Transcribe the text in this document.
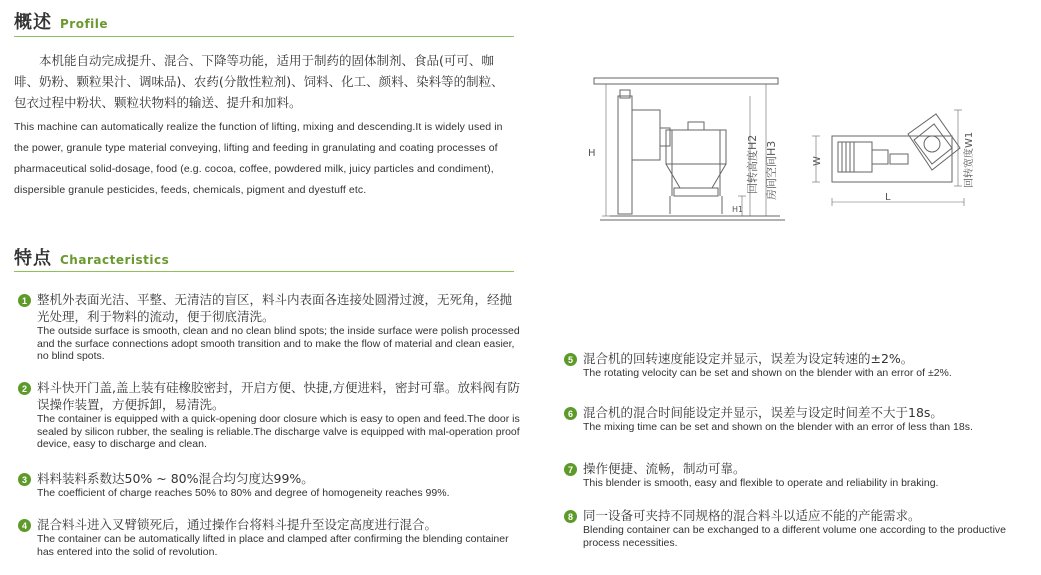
概述 Profile

本机能自动完成提升、混合、下降等功能，适用于制药的固体制剂、食品(可可、咖啡、奶粉、颗粒果汁、调味品)、农药(分散性粒剂)、饲料、化工、颜料、染料等的制粒、包衣过程中粉状、颗粒状物料的输送、提升和加料。

This machine can automatically realize the function of lifting, mixing and descending.It is widely used in the power, granule type material conveying, lifting and feeding in granulating and coating processes of pharmaceutical solid-dosage, food (e.g. cocoa, coffee, powdered milk, juicy particles and condiment), dispersible granule pesticides, feeds, chemicals, pigment and dyestuff etc.

特点 Characteristics
1 整机外表面光洁、平整、无清洁的盲区，料斗内表面各连接处圆滑过渡，无死角，经抛光处理，利于物料的流动，便于彻底清洗。

The outside surface is smooth, clean and no clean blind spots; the inside surface were polish processed and the surface connections adopt smooth transition and to make the flow of material and clean easier, no blind spots.

2 料斗快开门盖,盖上装有硅橡胶密封，开启方便、快捷,方便进料，密封可靠。放料阀有防误操作装置，方便拆卸，易清洗。

The container is equipped with a quick-opening door closure which is easy to open and feed.The door is sealed by silicon rubber, the sealing is reliable.The discharge valve is equipped with mal-operation proof device, easy to discharge and clean.

3 料料装料系数达50% ~ 80%混合均匀度达99%。

The coefficient of charge reaches 50% to 80% and degree of homogeneity reaches 99%.

4 混合料斗进入叉臂锁死后，通过操作台将料斗提升至设定高度进行混合。

The container can be automatically lifted in place and clamped after confirming the blending container has entered into the solid of revolution.

5 混合机的回转速度能设定并显示，误差为设定转速的±2%。

The rotating velocity can be set and shown on the blender with an error of ±2%.

6 混合机的混合时间能设定并显示，误差与设定时间差不大于18s。

The mixing time can be set and shown on the blender with an error of less than 18s.

7 操作便捷、流畅，制动可靠。

This blender is smooth, easy and flexible to operate and reliability in braking.

8 同一设备可夹持不同规格的混合料斗以适应不能的产能需求。

Blending container can be exchanged to a different volume one according to the productive process necessities.

H
H1
回转高度H2 房间空间H3	W
L
回转宽度W1
